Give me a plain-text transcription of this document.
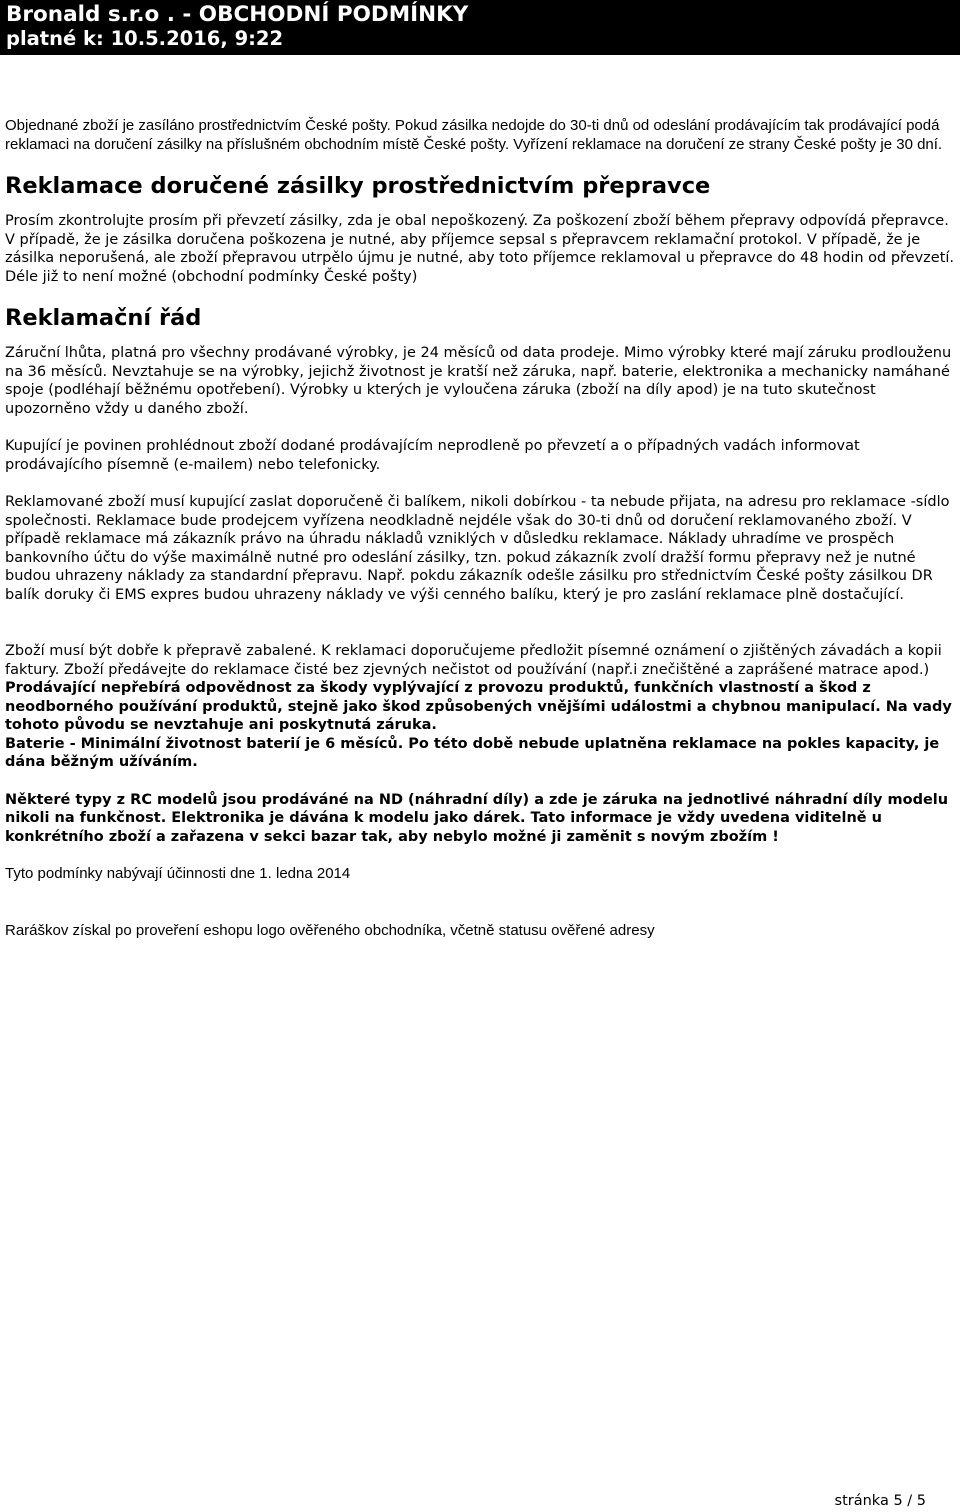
Bronald s.r.o . - OBCHODNÍ PODMÍNKY
platné k: 10.5.2016, 9:22

Objednané zboží je zasíláno prostřednictvím České pošty. Pokud zásilka nedojde do 30-ti dnů od odeslání prodávajícím tak prodávající podá reklamaci na doručení zásilky na příslušném obchodním místě České pošty. Vyřízení reklamace na doručení ze strany České pošty je 30 dní.

Reklamace doručené zásilky prostřednictvím přepravce

Prosím zkontrolujte prosím při převzetí zásilky, zda je obal nepoškozený. Za poškození zboží během přepravy odpovídá přepravce. V případě, že je zásilka doručena poškozena je nutné, aby příjemce sepsal s přepravcem reklamační protokol. V případě, že je zásilka neporušená, ale zboží přepravou utrpělo újmu je nutné, aby toto příjemce reklamoval u přepravce do 48 hodin od převzetí. Déle již to není možné (obchodní podmínky České pošty)

Reklamační řád

Záruční lhůta, platná pro všechny prodávané výrobky, je 24 měsíců od data prodeje. Mimo výrobky které mají záruku prodlouženu na 36 měsíců. Nevztahuje se na výrobky, jejichž životnost je kratší než záruka, např. baterie, elektronika a mechanicky namáhané spoje (podléhají běžnému opotřebení). Výrobky u kterých je vyloučena záruka (zboží na díly apod) je na tuto skutečnost upozorněno vždy u daného zboží.

Kupující je povinen prohlédnout zboží dodané prodávajícím neprodleně po převzetí a o případných vadách informovat prodávajícího písemně (e-mailem) nebo telefonicky.

Reklamované zboží musí kupující zaslat doporučeně či balíkem, nikoli dobírkou - ta nebude přijata, na adresu pro reklamace -sídlo společnosti. Reklamace bude prodejcem vyřízena neodkladně nejdéle však do 30-ti dnů od doručení reklamovaného zboží. V případě reklamace má zákazník právo na úhradu nákladů vzniklých v důsledku reklamace. Náklady uhradíme ve prospěch bankovního účtu do výše maximálně nutné pro odeslání zásilky, tzn. pokud zákazník zvolí dražší formu přepravy než je nutné budou uhrazeny náklady za standardní přepravu. Např. pokdu zákazník odešle zásilku pro střednictvím České pošty zásilkou DR balík doruky či EMS expres budou uhrazeny náklady ve výši cenného balíku, který je pro zaslání reklamace plně dostačující.

Zboží musí být dobře k přepravě zabalené. K reklamaci doporučujeme předložit písemné oznámení o zjištěných závadách a kopii faktury. Zboží předávejte do reklamace čisté bez zjevných nečistot od používání (např.i znečištěné a zaprášené matrace apod.) Prodávající nepřebírá odpovědnost za škody vyplývající z provozu produktů, funkčních vlastností a škod z neodborného používání produktů, stejně jako škod způsobených vnějšími událostmi a chybnou manipulací. Na vady tohoto původu se nevztahuje ani poskytnutá záruka.

Baterie - Minimální životnost baterií je 6 měsíců. Po této době nebude uplatněna reklamace na pokles kapacity, je dána běžným užíváním.

Některé typy z RC modelů jsou prodáváné na ND (náhradní díly) a zde je záruka na jednotlivé náhradní díly modelu nikoli na funkčnost. Elektronika je dávána k modelu jako dárek. Tato informace je vždy uvedena viditelně u konkrétního zboží a zařazena v sekci bazar tak, aby nebylo možné ji zaměnit s novým zbožím !

Tyto podmínky nabývají účinnosti dne 1. ledna 2014

Raráškov získal po proveření eshopu logo ověřeného obchodníka, včetně statusu ověřené adresy

stránka 5 / 5
